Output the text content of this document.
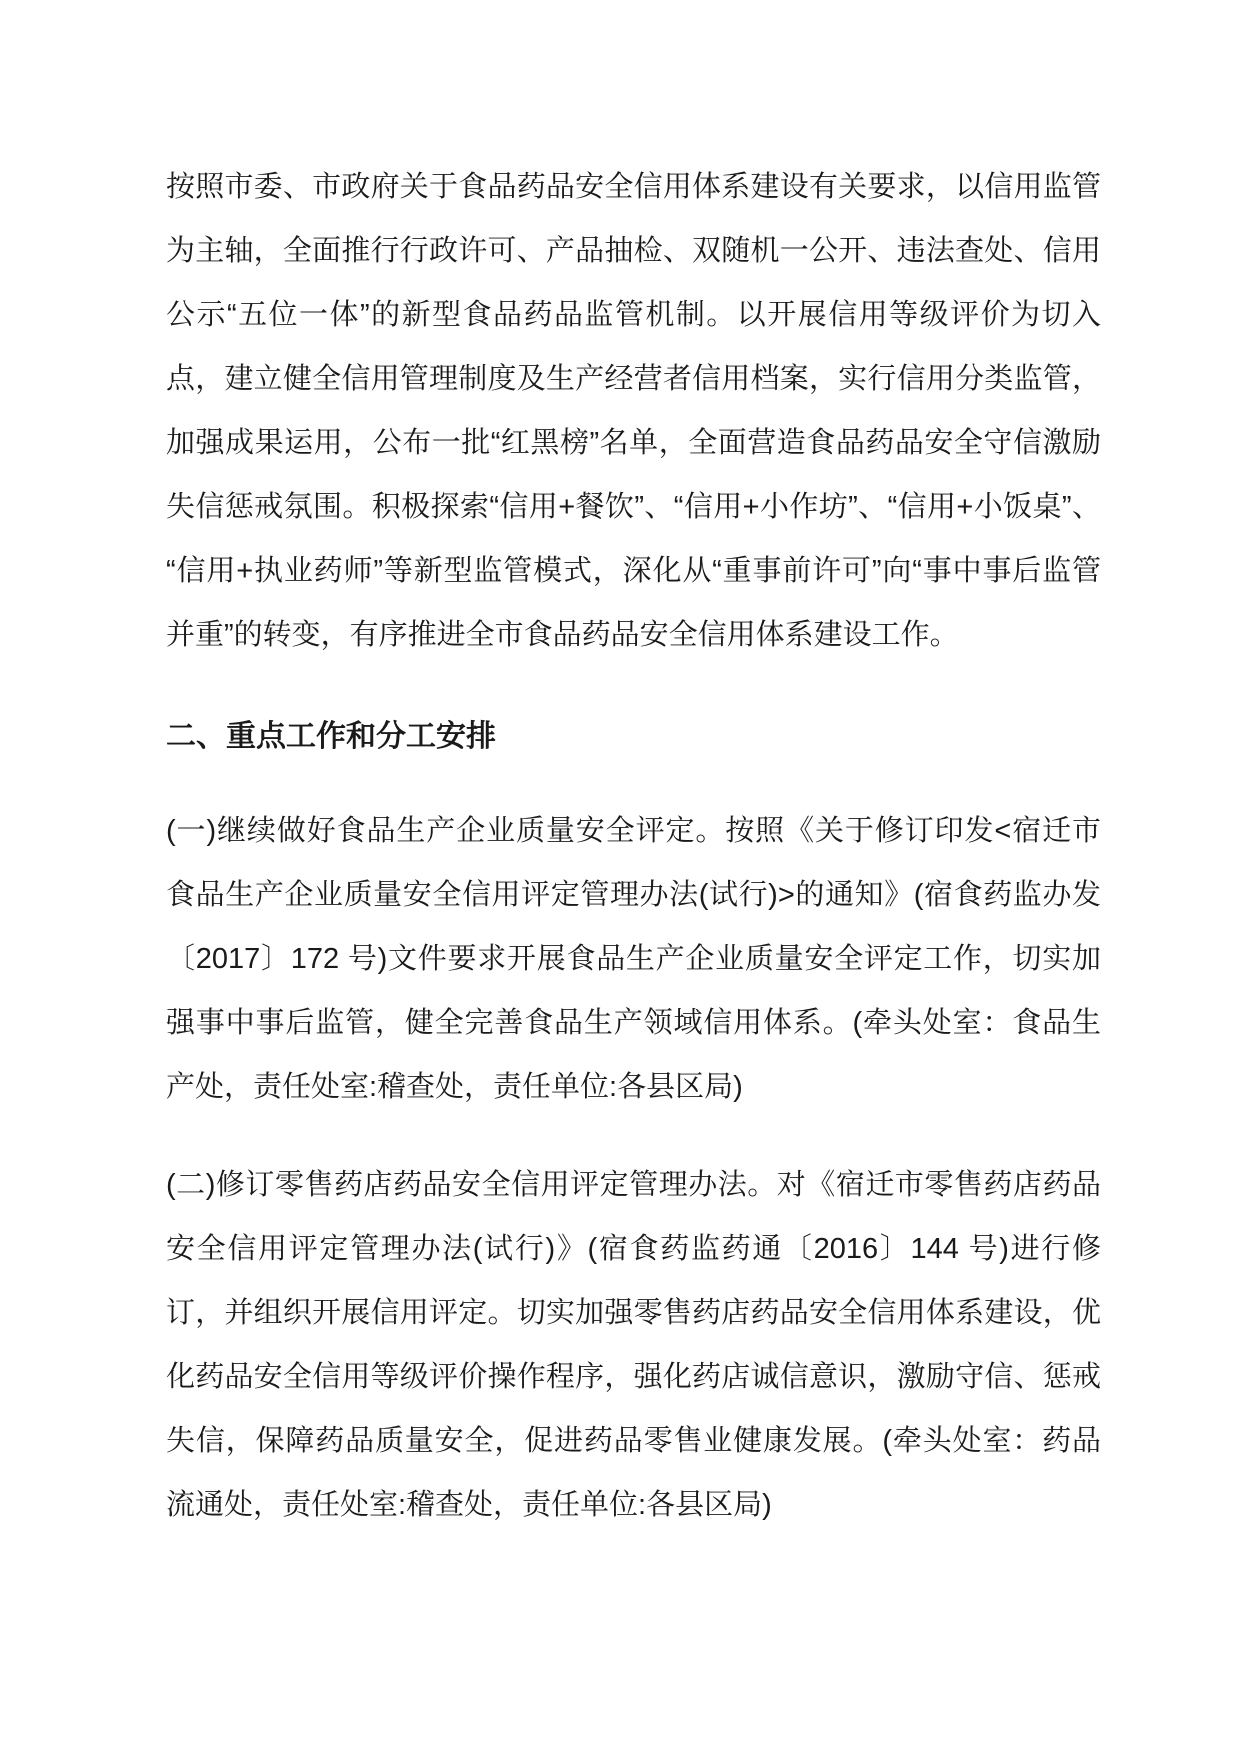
按照市委、市政府关于食品药品安全信用体系建设有关要求，以信用监管为主轴，全面推行行政许可、产品抽检、双随机一公开、违法查处、信用公示“五位一体”的新型食品药品监管机制。以开展信用等级评价为切入点，建立健全信用管理制度及生产经营者信用档案，实行信用分类监管，加强成果运用，公布一批“红黑榜”名单，全面营造食品药品安全守信激励失信惩戒氛围。积极探索“信用+餐饮”、“信用+小作坊”、“信用+小饭桌”、“信用+执业药师”等新型监管模式，深化从“重事前许可”向“事中事后监管并重”的转变，有序推进全市食品药品安全信用体系建设工作。

二、重点工作和分工安排

(一)继续做好食品生产企业质量安全评定。按照《关于修订印发<宿迁市食品生产企业质量安全信用评定管理办法(试行)>的通知》(宿食药监办发〔2017〕172 号)文件要求开展食品生产企业质量安全评定工作，切实加强事中事后监管，健全完善食品生产领域信用体系。(牵头处室：食品生产处，责任处室:稽查处，责任单位:各县区局)

(二)修订零售药店药品安全信用评定管理办法。对《宿迁市零售药店药品安全信用评定管理办法(试行)》(宿食药监药通〔2016〕144 号)进行修订，并组织开展信用评定。切实加强零售药店药品安全信用体系建设，优化药品安全信用等级评价操作程序，强化药店诚信意识，激励守信、惩戒失信，保障药品质量安全，促进药品零售业健康发展。(牵头处室：药品流通处，责任处室:稽查处，责任单位:各县区局)
